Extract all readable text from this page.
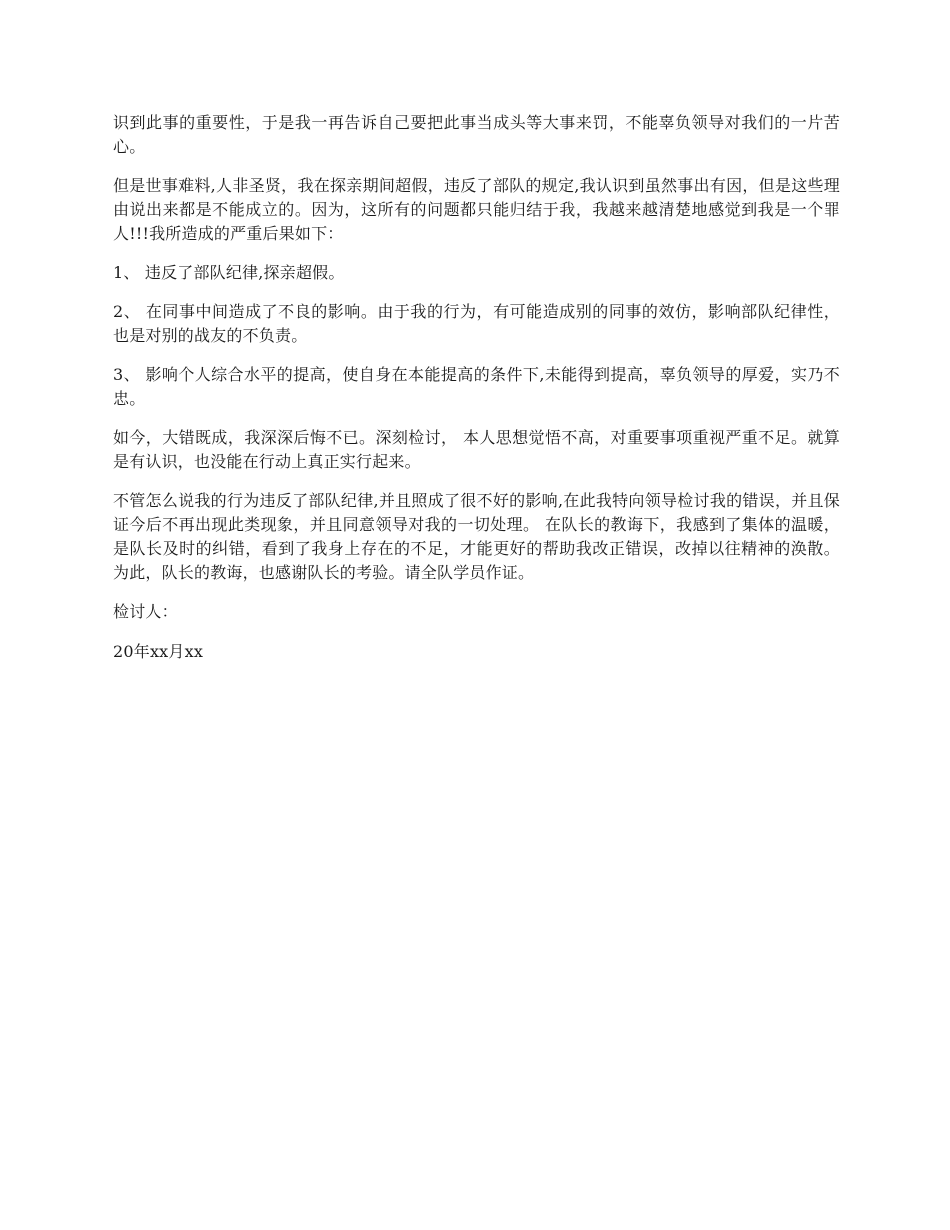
识到此事的重要性，于是我一再告诉自己要把此事当成头等大事来罚，不能辜负领导对我们的一片苦心。

但是世事难料,人非圣贤，我在探亲期间超假，违反了部队的规定,我认识到虽然事出有因，但是这些理由说出来都是不能成立的。因为，这所有的问题都只能归结于我，我越来越清楚地感觉到我是一个罪人!!!我所造成的严重后果如下：

1、 违反了部队纪律,探亲超假。

2、 在同事中间造成了不良的影响。由于我的行为，有可能造成别的同事的效仿，影响部队纪律性，也是对别的战友的不负责。

3、 影响个人综合水平的提高，使自身在本能提高的条件下,未能得到提高，辜负领导的厚爱，实乃不忠。

如今，大错既成，我深深后悔不已。深刻检讨， 本人思想觉悟不高，对重要事项重视严重不足。就算是有认识，也没能在行动上真正实行起来。

不管怎么说我的行为违反了部队纪律,并且照成了很不好的影响,在此我特向领导检讨我的错误，并且保证今后不再出现此类现象，并且同意领导对我的一切处理。 在队长的教诲下，我感到了集体的温暖，是队长及时的纠错，看到了我身上存在的不足，才能更好的帮助我改正错误，改掉以往精神的涣散。为此，队长的教诲，也感谢队长的考验。请全队学员作证。

检讨人：

20年xx月xx
